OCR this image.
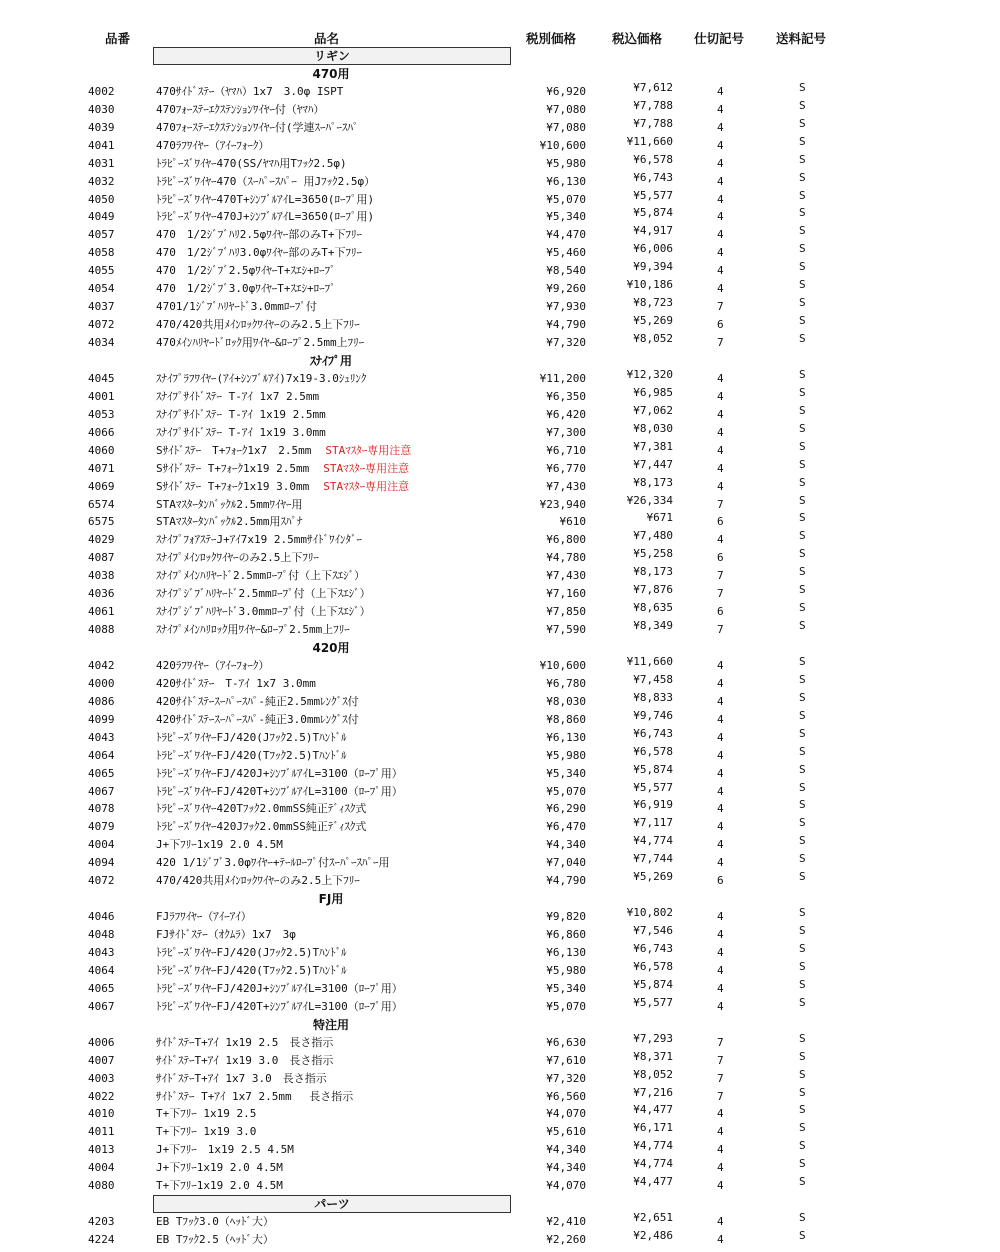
品番	品名	税別価格	税込価格	仕切記号	送料記号
リギン
470用
4002	470ｻｲﾄﾞｽﾃｰ（ﾔﾏﾊ）1x7　3.0φ ISPT	¥6,920	¥7,612	4	S
4030	470ﾌｫｰｽﾃｰｴｸｽﾃﾝｼｮﾝﾜｲﾔｰ付（ﾔﾏﾊ）	¥7,080	¥7,788	4	S
4039	470ﾌｫｰｽﾃｰｴｸｽﾃﾝｼｮﾝﾜｲﾔｰ付(学連ｽｰﾊﾟｰｽﾊﾟ	¥7,080	¥7,788	4	S
4041	470ﾗﾌﾜｲﾔｰ（ｱｲｰﾌｫｰｸ）	¥10,600	¥11,660	4	S
4031	ﾄﾗﾋﾟｰｽﾞﾜｲﾔｰ470(SS/ﾔﾏﾊ用Tﾌｯｸ2.5φ)	¥5,980	¥6,578	4	S
4032	ﾄﾗﾋﾟｰｽﾞﾜｲﾔｰ470（ｽｰﾊﾟｰｽﾊﾟｰ 用Jﾌｯｸ2.5φ）	¥6,130	¥6,743	4	S
4050	ﾄﾗﾋﾟｰｽﾞﾜｲﾔｰ470T+ｼﾝﾌﾞﾙｱｲL=3650(ﾛｰﾌﾟ用)	¥5,070	¥5,577	4	S
4049	ﾄﾗﾋﾟｰｽﾞﾜｲﾔｰ470J+ｼﾝﾌﾞﾙｱｲL=3650(ﾛｰﾌﾟ用)	¥5,340	¥5,874	4	S
4057	470　1/2ｼﾞﾌﾞﾊﾘ2.5φﾜｲﾔｰ部のみT+下ﾌﾘｰ	¥4,470	¥4,917	4	S
4058	470　1/2ｼﾞﾌﾞﾊﾘ3.0φﾜｲﾔｰ部のみT+下ﾌﾘｰ	¥5,460	¥6,006	4	S
4055	470　1/2ｼﾞﾌﾞ2.5φﾜｲﾔｰT+ｽｴｼ+ﾛｰﾌﾟ	¥8,540	¥9,394	4	S
4054	470　1/2ｼﾞﾌﾞ3.0φﾜｲﾔｰT+ｽｴｼ+ﾛｰﾌﾟ	¥9,260	¥10,186	4	S
4037	4701/1ｼﾞﾌﾞﾊﾘﾔｰﾄﾞ3.0mmﾛｰﾌﾟ付	¥7,930	¥8,723	7	S
4072	470/420共用ﾒｲﾝﾛｯｸﾜｲﾔｰのみ2.5上下ﾌﾘｰ	¥4,790	¥5,269	6	S
4034	470ﾒｲﾝﾊﾘﾔｰﾄﾞﾛｯｸ用ﾜｲﾔｰ&ﾛｰﾌﾟ2.5mm上ﾌﾘｰ	¥7,320	¥8,052	7	S
ｽﾅｲﾌﾟ用
4045	ｽﾅｲﾌﾟﾗﾌﾜｲﾔｰ(ｱｲ+ｼﾝﾌﾞﾙｱｲ)7x19-3.0ｼｭﾘﾝｸ	¥11,200	¥12,320	4	S
4001	ｽﾅｲﾌﾟｻｲﾄﾞｽﾃｰ T-ｱｲ 1x7 2.5mm	¥6,350	¥6,985	4	S
4053	ｽﾅｲﾌﾟｻｲﾄﾞｽﾃｰ T-ｱｲ 1x19 2.5mm	¥6,420	¥7,062	4	S
4066	ｽﾅｲﾌﾟｻｲﾄﾞｽﾃｰ T-ｱｲ 1x19 3.0mm	¥7,300	¥8,030	4	S
4060	Sｻｲﾄﾞｽﾃｰ　T+ﾌｫｰｸ1x7　2.5mm STAﾏｽﾀｰ専用注意	¥6,710	¥7,381	4	S
4071	Sｻｲﾄﾞｽﾃｰ T+ﾌｫｰｸ1x19 2.5mm STAﾏｽﾀｰ専用注意	¥6,770	¥7,447	4	S
4069	Sｻｲﾄﾞｽﾃｰ T+ﾌｫｰｸ1x19 3.0mm STAﾏｽﾀｰ専用注意	¥7,430	¥8,173	4	S
6574	STAﾏｽﾀｰﾀﾝﾊﾞｯｸﾙ2.5mmﾜｲﾔｰ用	¥23,940	¥26,334	7	S
6575	STAﾏｽﾀｰﾀﾝﾊﾞｯｸﾙ2.5mm用ｽﾊﾟﾅ	¥610	¥671	6	S
4029	ｽﾅｲﾌﾟﾌｫｱｽﾃｰJ+ｱｲ7x19 2.5mmｻｲﾄﾞﾜｲﾝﾀﾞｰ	¥6,800	¥7,480	4	S
4087	ｽﾅｲﾌﾟﾒｲﾝﾛｯｸﾜｲﾔｰのみ2.5上下ﾌﾘｰ	¥4,780	¥5,258	6	S
4038	ｽﾅｲﾌﾟﾒｲﾝﾊﾘﾔｰﾄﾞ2.5mmﾛｰﾌﾟ付（上下ｽｴｼﾞ）	¥7,430	¥8,173	7	S
4036	ｽﾅｲﾌﾟｼﾞﾌﾞﾊﾘﾔｰﾄﾞ2.5mmﾛｰﾌﾟ付（上下ｽｴｼﾞ）	¥7,160	¥7,876	7	S
4061	ｽﾅｲﾌﾟｼﾞﾌﾞﾊﾘﾔｰﾄﾞ3.0mmﾛｰﾌﾟ付（上下ｽｴｼﾞ）	¥7,850	¥8,635	6	S
4088	ｽﾅｲﾌﾟﾒｲﾝﾊﾘﾛｯｸ用ﾜｲﾔｰ&ﾛｰﾌﾟ2.5mm上ﾌﾘｰ	¥7,590	¥8,349	7	S
420用
4042	420ﾗﾌﾜｲﾔｰ（ｱｲｰﾌｫｰｸ）	¥10,600	¥11,660	4	S
4000	420ｻｲﾄﾞｽﾃｰ　T-ｱｲ 1x7 3.0mm	¥6,780	¥7,458	4	S
4086	420ｻｲﾄﾞｽﾃｰｽｰﾊﾟｰｽﾊﾟ-純正2.5mmﾚﾝｸﾞｽ付	¥8,030	¥8,833	4	S
4099	420ｻｲﾄﾞｽﾃｰｽｰﾊﾟｰｽﾊﾟ-純正3.0mmﾚﾝｸﾞｽ付	¥8,860	¥9,746	4	S
4043	ﾄﾗﾋﾟｰｽﾞﾜｲﾔｰFJ/420(Jﾌｯｸ2.5)Tﾊﾝﾄﾞﾙ	¥6,130	¥6,743	4	S
4064	ﾄﾗﾋﾟｰｽﾞﾜｲﾔｰFJ/420(Tﾌｯｸ2.5)Tﾊﾝﾄﾞﾙ	¥5,980	¥6,578	4	S
4065	ﾄﾗﾋﾟｰｽﾞﾜｲﾔｰFJ/420J+ｼﾝﾌﾞﾙｱｲL=3100（ﾛｰﾌﾟ用）	¥5,340	¥5,874	4	S
4067	ﾄﾗﾋﾟｰｽﾞﾜｲﾔｰFJ/420T+ｼﾝﾌﾞﾙｱｲL=3100（ﾛｰﾌﾟ用）	¥5,070	¥5,577	4	S
4078	ﾄﾗﾋﾟｰｽﾞﾜｲﾔｰ420Tﾌｯｸ2.0mmSS純正ﾃﾞｨｽｸ式	¥6,290	¥6,919	4	S
4079	ﾄﾗﾋﾟｰｽﾞﾜｲﾔｰ420Jﾌｯｸ2.0mmSS純正ﾃﾞｨｽｸ式	¥6,470	¥7,117	4	S
4004	J+下ﾌﾘｰ1x19 2.0 4.5M	¥4,340	¥4,774	4	S
4094	420 1/1ｼﾞﾌﾞ3.0φﾜｲﾔｰ+ﾃｰﾙﾛｰﾌﾟ付ｽｰﾊﾟｰｽﾊﾟｰ用	¥7,040	¥7,744	4	S
4072	470/420共用ﾒｲﾝﾛｯｸﾜｲﾔｰのみ2.5上下ﾌﾘｰ	¥4,790	¥5,269	6	S
FJ用
4046	FJﾗﾌﾜｲﾔｰ（ｱｲｰｱｲ）	¥9,820	¥10,802	4	S
4048	FJｻｲﾄﾞｽﾃｰ（ｵｸﾑﾗ）1x7　3φ	¥6,860	¥7,546	4	S
4043	ﾄﾗﾋﾟｰｽﾞﾜｲﾔｰFJ/420(Jﾌｯｸ2.5)Tﾊﾝﾄﾞﾙ	¥6,130	¥6,743	4	S
4064	ﾄﾗﾋﾟｰｽﾞﾜｲﾔｰFJ/420(Tﾌｯｸ2.5)Tﾊﾝﾄﾞﾙ	¥5,980	¥6,578	4	S
4065	ﾄﾗﾋﾟｰｽﾞﾜｲﾔｰFJ/420J+ｼﾝﾌﾞﾙｱｲL=3100（ﾛｰﾌﾟ用）	¥5,340	¥5,874	4	S
4067	ﾄﾗﾋﾟｰｽﾞﾜｲﾔｰFJ/420T+ｼﾝﾌﾞﾙｱｲL=3100（ﾛｰﾌﾟ用）	¥5,070	¥5,577	4	S
特注用
4006	ｻｲﾄﾞｽﾃｰT+ｱｲ 1x19 2.5　長さ指示	¥6,630	¥7,293	7	S
4007	ｻｲﾄﾞｽﾃｰT+ｱｲ 1x19 3.0　長さ指示	¥7,610	¥8,371	7	S
4003	ｻｲﾄﾞｽﾃｰT+ｱｲ 1x7 3.0　長さ指示	¥7,320	¥8,052	7	S
4022	ｻｲﾄﾞｽﾃｰ T+ｱｲ 1x7 2.5mm　 長さ指示	¥6,560	¥7,216	7	S
4010	T+下ﾌﾘｰ 1x19 2.5	¥4,070	¥4,477	4	S
4011	T+下ﾌﾘｰ 1x19 3.0	¥5,610	¥6,171	4	S
4013	J+下ﾌﾘｰ　1x19 2.5 4.5M	¥4,340	¥4,774	4	S
4004	J+下ﾌﾘｰ1x19 2.0 4.5M	¥4,340	¥4,774	4	S
4080	T+下ﾌﾘｰ1x19 2.0 4.5M	¥4,070	¥4,477	4	S
パーツ
4203	EB Tﾌｯｸ3.0（ﾍｯﾄﾞ大）	¥2,410	¥2,651	4	S
4224	EB Tﾌｯｸ2.5（ﾍｯﾄﾞ大）	¥2,260	¥2,486	4	S
